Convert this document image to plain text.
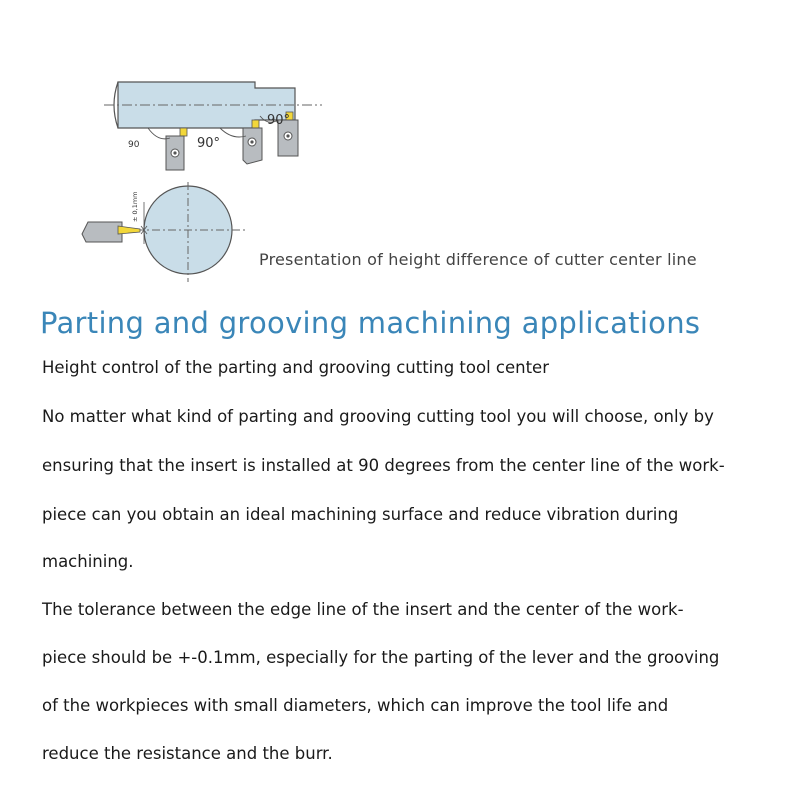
90	90°
90°
± 0,1mm
Presentation of height difference of cutter center line
Parting and grooving machining applications
Height control of the parting and grooving cutting tool center
No matter what kind of parting and grooving cutting tool you will choose, only by
ensuring that the insert is installed at 90 degrees from the center line of the work-
piece can you obtain an ideal machining surface and reduce vibration during
machining.
The tolerance between the edge line of the insert and the center of the work-
piece should be +-0.1mm, especially for the parting of the lever and the grooving
of the workpieces with small diameters, which can improve the tool life and
reduce the resistance and the burr.
